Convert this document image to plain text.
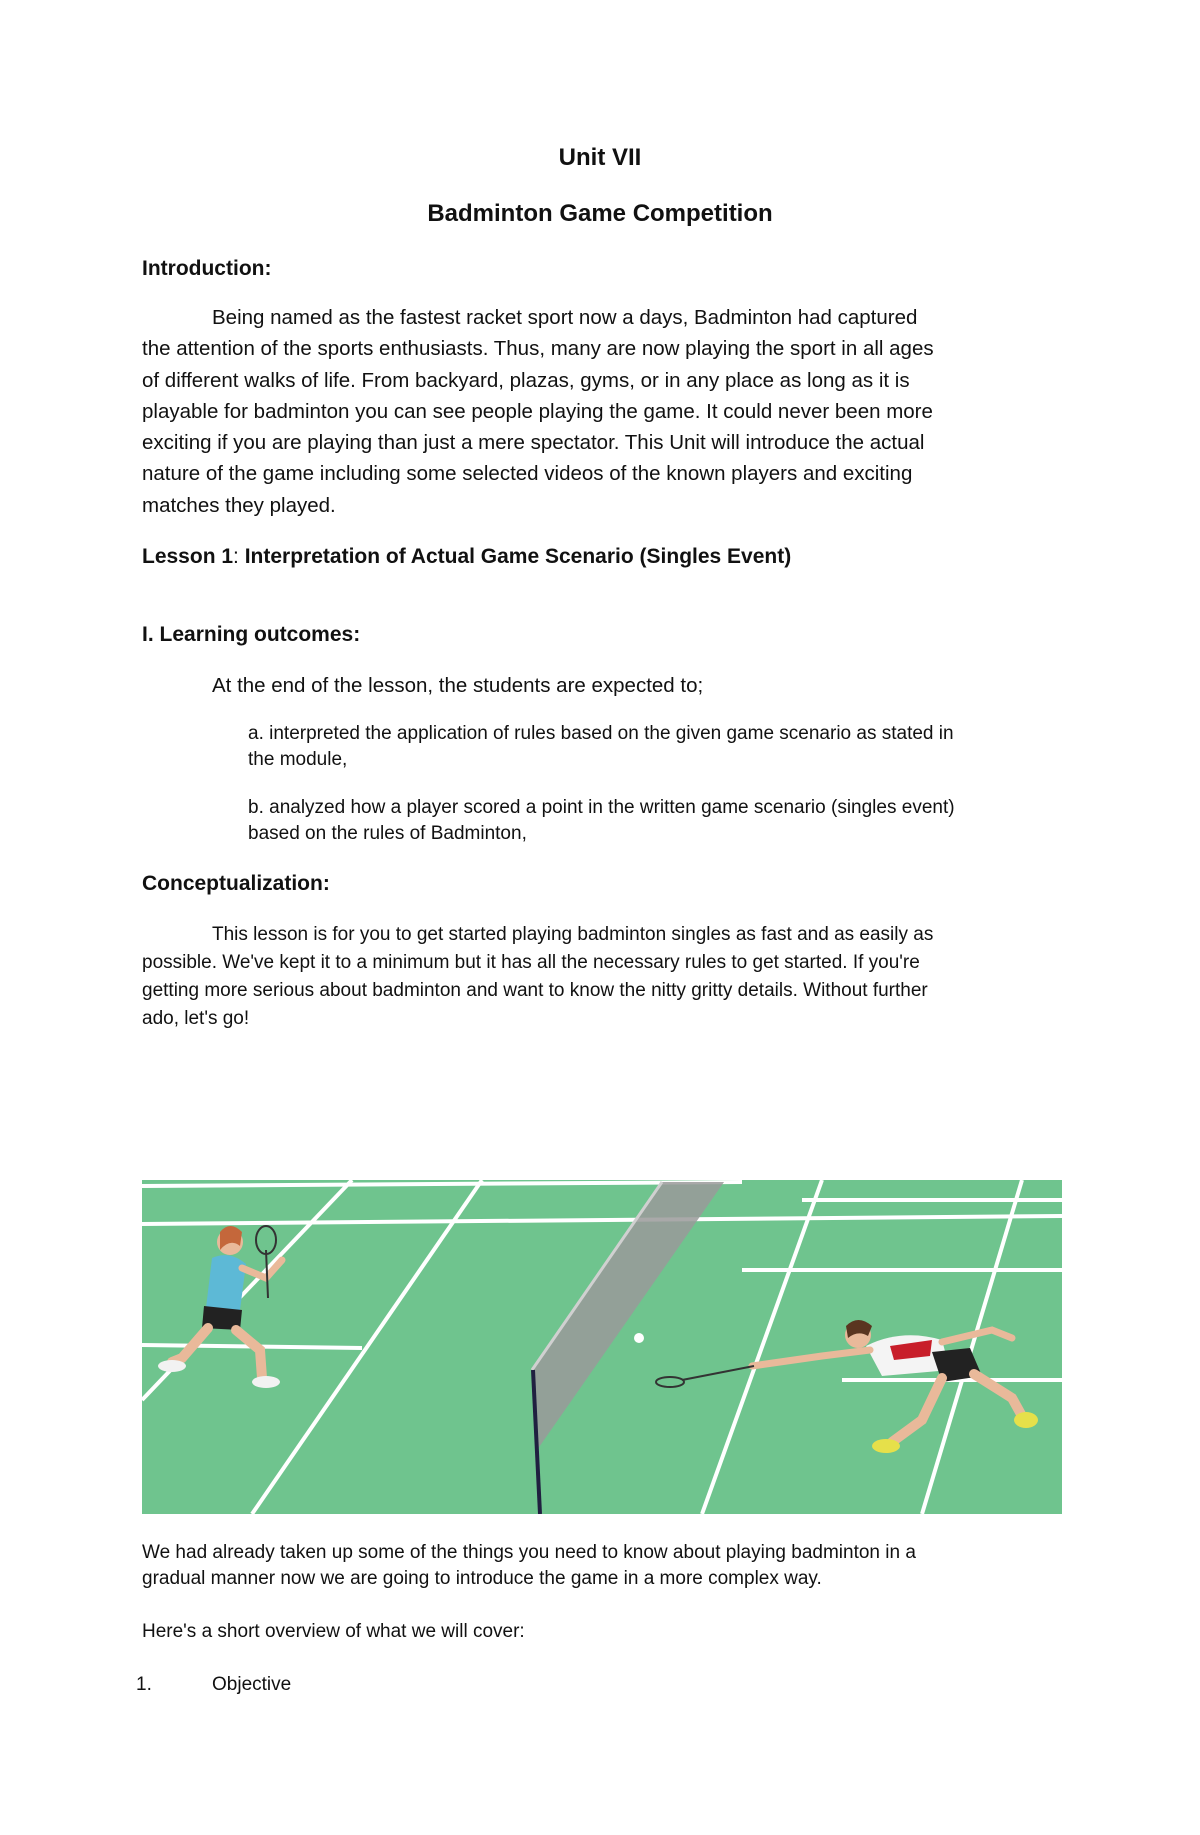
Unit VII

Badminton Game Competition

Introduction:

Being named as the fastest racket sport now a days, Badminton had captured
the attention of the sports enthusiasts. Thus, many are now playing the sport in all ages
of different walks of life. From backyard, plazas, gyms, or in any place as long as it is
playable for badminton you can see people playing the game. It could never been more
exciting if you are playing than just a mere spectator. This Unit will introduce the actual
nature of the game including some selected videos of the known players and exciting
matches they played.

Lesson 1: Interpretation of Actual Game Scenario (Singles Event)

I. Learning outcomes:

At the end of the lesson, the students are expected to;

a. interpreted the application of rules based on the given game scenario as stated in
the module,
b. analyzed how a player scored a point in the written game scenario (singles event)
based on the rules of Badminton,

Conceptualization:

This lesson is for you to get started playing badminton singles as fast and as easily as
possible. We've kept it to a minimum but it has all the necessary rules to get started. If you're
getting more serious about badminton and want to know the nitty gritty details. Without further
ado, let's go!
We had already taken up some of the things you need to know about playing badminton in a
gradual manner now we are going to introduce the game in a more complex way.

Here's a short overview of what we will cover:

1.	Objective
